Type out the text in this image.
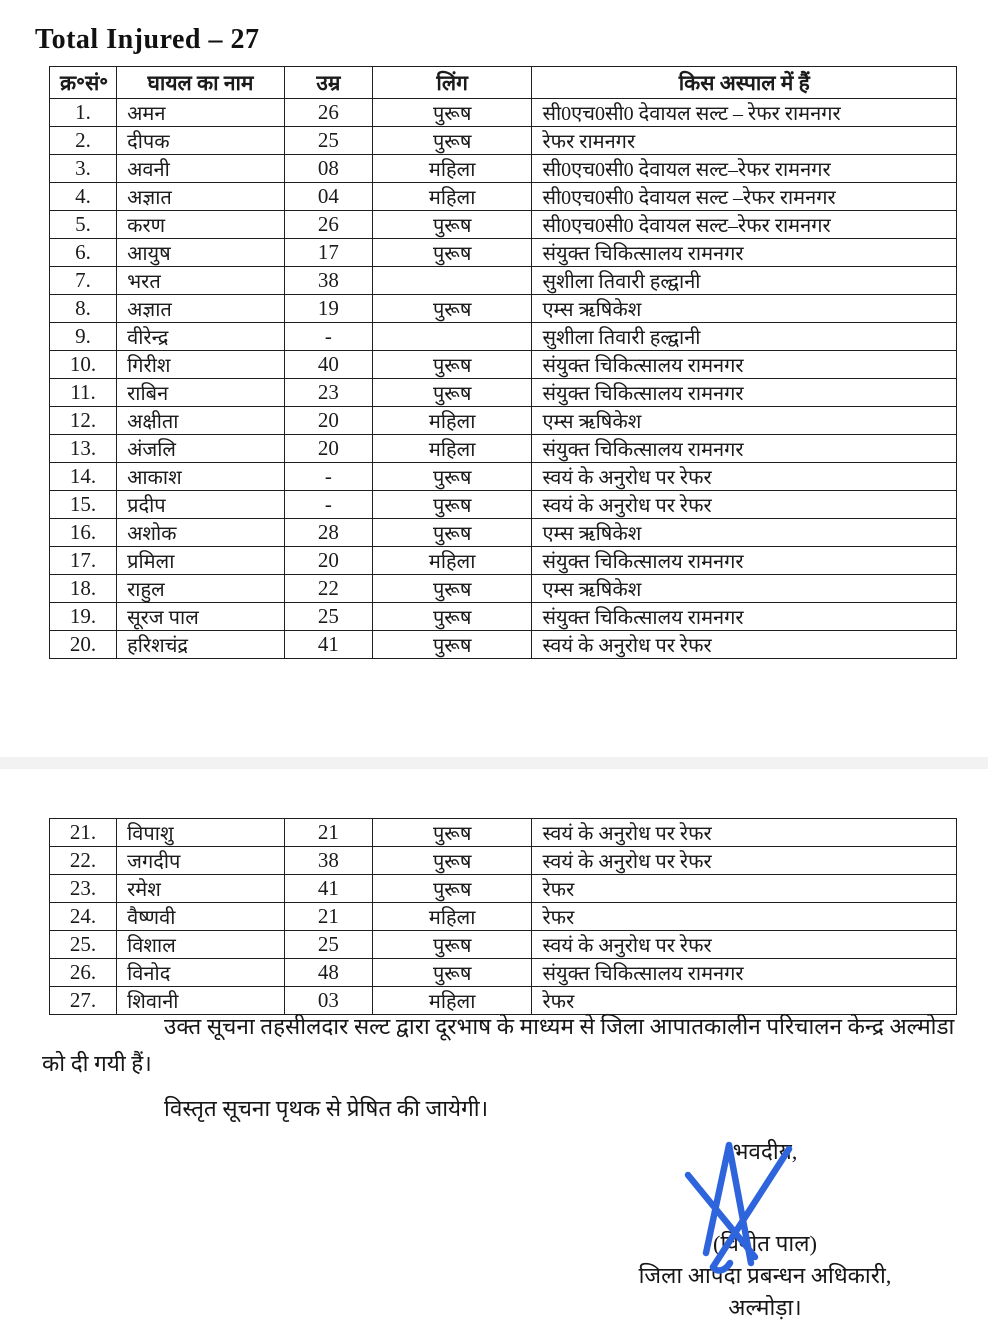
Total Injured – 27
क्र॰सं॰	घायल का नाम	उम्र	लिंग	किस अस्पाल में हैं
1.	अमन	26	पुरूष	सी0एच0सी0 देवायल सल्ट – रेफर रामनगर
2.	दीपक	25	पुरूष	रेफर रामनगर
3.	अवनी	08	महिला	सी0एच0सी0 देवायल सल्ट–रेफर रामनगर
4.	अज्ञात	04	महिला	सी0एच0सी0 देवायल सल्ट –रेफर रामनगर
5.	करण	26	पुरूष	सी0एच0सी0 देवायल सल्ट–रेफर रामनगर
6.	आयुष	17	पुरूष	संयुक्त चिकित्सालय रामनगर
7.	भरत	38		सुशीला तिवारी हल्द्वानी
8.	अज्ञात	19	पुरूष	एम्स ऋषिकेश
9.	वीरेन्द्र	-		सुशीला तिवारी हल्द्वानी
10.	गिरीश	40	पुरूष	संयुक्त चिकित्सालय रामनगर
11.	राबिन	23	पुरूष	संयुक्त चिकित्सालय रामनगर
12.	अक्षीता	20	महिला	एम्स ऋषिकेश
13.	अंजलि	20	महिला	संयुक्त चिकित्सालय रामनगर
14.	आकाश	-	पुरूष	स्वयं के अनुरोध पर रेफर
15.	प्रदीप	-	पुरूष	स्वयं के अनुरोध पर रेफर
16.	अशोक	28	पुरूष	एम्स ऋषिकेश
17.	प्रमिला	20	महिला	संयुक्त चिकित्सालय रामनगर
18.	राहुल	22	पुरूष	एम्स ऋषिकेश
19.	सूरज पाल	25	पुरूष	संयुक्त चिकित्सालय रामनगर
20.	हरिशचंद्र	41	पुरूष	स्वयं के अनुरोध पर रेफर
21.	विपाशु	21	पुरूष	स्वयं के अनुरोध पर रेफर
22.	जगदीप	38	पुरूष	स्वयं के अनुरोध पर रेफर
23.	रमेश	41	पुरूष	रेफर
24.	वैष्णवी	21	महिला	रेफर
25.	विशाल	25	पुरूष	स्वयं के अनुरोध पर रेफर
26.	विनोद	48	पुरूष	संयुक्त चिकित्सालय रामनगर
27.	शिवानी	03	महिला	रेफर

उक्त सूचना तहसीलदार सल्ट द्वारा दूरभाष के माध्यम से जिला आपातकालीन परिचालन केन्द्र अल्मोडा को दी गयी हैं।

विस्तृत सूचना पृथक से प्रेषित की जायेगी।

भवदीय,
(विनीत पाल)
जिला आपदा प्रबन्धन अधिकारी,
अल्मोड़ा।
